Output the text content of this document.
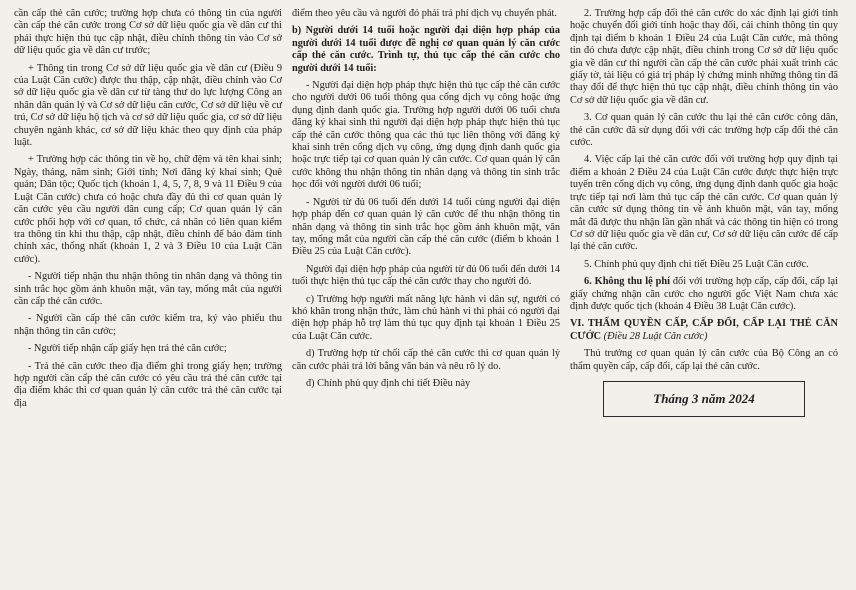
cần cấp thẻ căn cước; trường hợp chưa có thông tin của người cần cấp thẻ căn cước trong Cơ sở dữ liệu quốc gia về dân cư thì phải thực hiện thủ tục cập nhật, điều chỉnh thông tin vào Cơ sở dữ liệu quốc gia về dân cư trước;

+ Thông tin trong Cơ sở dữ liệu quốc gia về dân cư (Điều 9 của Luật Căn cước) được thu thập, cập nhật, điều chỉnh vào Cơ sở dữ liệu quốc gia về dân cư từ tàng thư do lực lượng Công an nhân dân quản lý và Cơ sở dữ liệu căn cước, Cơ sở dữ liệu về cư trú, Cơ sở dữ liệu hộ tịch và cơ sở dữ liệu quốc gia, cơ sở dữ liệu chuyên ngành khác, cơ sở dữ liệu khác theo quy định của pháp luật.

+ Trường hợp các thông tin về họ, chữ đệm và tên khai sinh; Ngày, tháng, năm sinh; Giới tính; Nơi đăng ký khai sinh; Quê quán; Dân tộc; Quốc tịch (khoản 1, 4, 5, 7, 8, 9 và 11 Điều 9 của Luật Căn cước) chưa có hoặc chưa đầy đủ thì cơ quan quản lý căn cước yêu cầu người dân cung cấp; Cơ quan quản lý căn cước phối hợp với cơ quan, tổ chức, cá nhân có liên quan kiểm tra thông tin khi thu thập, cập nhật, điều chỉnh để bảo đảm tính chính xác, thống nhất (khoản 1, 2 và 3 Điều 10 của Luật Căn cước).

- Người tiếp nhận thu nhận thông tin nhân dạng và thông tin sinh trắc học gồm ảnh khuôn mặt, vân tay, mống mắt của người cần cấp thẻ căn cước.

- Người cần cấp thẻ căn cước kiểm tra, ký vào phiếu thu nhận thông tin căn cước;

- Người tiếp nhận cấp giấy hẹn trả thẻ căn cước;

- Trả thẻ căn cước theo địa điểm ghi trong giấy hẹn; trường hợp người cần cấp thẻ căn cước có yêu cầu trả thẻ căn cước tại địa điểm khác thì cơ quan quản lý căn cước trả thẻ căn cước tại địa

điểm theo yêu cầu và người đó phải trả phí dịch vụ chuyển phát.

b) Người dưới 14 tuổi hoặc người đại diện hợp pháp của người dưới 14 tuổi được đề nghị cơ quan quản lý căn cước cấp thẻ căn cước. Trình tự, thủ tục cấp thẻ căn cước cho người dưới 14 tuổi:

- Người đại diện hợp pháp thực hiện thủ tục cấp thẻ căn cước cho người dưới 06 tuổi thông qua cổng dịch vụ công hoặc ứng dụng định danh quốc gia. Trường hợp người dưới 06 tuổi chưa đăng ký khai sinh thì người đại diện hợp pháp thực hiện thủ tục cấp thẻ căn cước thông qua các thủ tục liên thông với đăng ký khai sinh trên cổng dịch vụ công, ứng dụng định danh quốc gia hoặc trực tiếp tại cơ quan quản lý căn cước. Cơ quan quản lý căn cước không thu nhận thông tin nhân dạng và thông tin sinh trắc học đối với người dưới 06 tuổi;

- Người từ đủ 06 tuổi đến dưới 14 tuổi cùng người đại diện hợp pháp đến cơ quan quản lý căn cước để thu nhận thông tin nhân dạng và thông tin sinh trắc học gồm ảnh khuôn mặt, vân tay, mống mắt của người cần cấp thẻ căn cước (điểm b khoản 1 Điều 25 của Luật Căn cước).

Người đại diện hợp pháp của người từ đủ 06 tuổi đến dưới 14 tuổi thực hiện thủ tục cấp thẻ căn cước thay cho người đó.

c) Trường hợp người mất năng lực hành vi dân sự, người có khó khăn trong nhận thức, làm chủ hành vi thì phải có người đại diện hợp pháp hỗ trợ làm thủ tục quy định tại khoản 1 Điều 25 của Luật Căn cước.

d) Trường hợp từ chối cấp thẻ căn cước thì cơ quan quản lý căn cước phải trả lời bằng văn bản và nêu rõ lý do.

đ) Chính phủ quy định chi tiết Điều này

2. Trường hợp cấp đổi thẻ căn cước do xác định lại giới tính hoặc chuyển đổi giới tính hoặc thay đổi, cải chính thông tin quy định tại điểm b khoản 1 Điều 24 của Luật Căn cước, mà thông tin đó chưa được cập nhật, điều chỉnh trong Cơ sở dữ liệu quốc gia về dân cư thì người cần cấp thẻ căn cước phải xuất trình các giấy tờ, tài liệu có giá trị pháp lý chứng minh những thông tin đã thay đổi để thực hiện thủ tục cập nhật, điều chỉnh thông tin vào Cơ sở dữ liệu quốc gia về dân cư.

3. Cơ quan quản lý căn cước thu lại thẻ căn cước công dân, thẻ căn cước đã sử dụng đối với các trường hợp cấp đổi thẻ căn cước.

4. Việc cấp lại thẻ căn cước đối với trường hợp quy định tại điểm a khoản 2 Điều 24 của Luật Căn cước được thực hiện trực tuyến trên cổng dịch vụ công, ứng dụng định danh quốc gia hoặc trực tiếp tại nơi làm thủ tục cấp thẻ căn cước. Cơ quan quản lý căn cước sử dụng thông tin về ảnh khuôn mặt, vân tay, mống mắt đã được thu nhận lần gần nhất và các thông tin hiện có trong Cơ sở dữ liệu quốc gia về dân cư, Cơ sở dữ liệu căn cước để cấp lại thẻ căn cước.

5. Chính phủ quy định chi tiết Điều 25 Luật Căn cước.

6. Không thu lệ phí đối với trường hợp cấp, cấp đổi, cấp lại giấy chứng nhận căn cước cho người gốc Việt Nam chưa xác định được quốc tịch (khoản 4 Điều 38 Luật Căn cước).

VI. THẨM QUYỀN CẤP, CẤP ĐỔI, CẤP LẠI THẺ CĂN CƯỚC (Điều 28 Luật Căn cước)

Thủ trưởng cơ quan quản lý căn cước của Bộ Công an có thẩm quyền cấp, cấp đổi, cấp lại thẻ căn cước.

Tháng 3 năm 2024
